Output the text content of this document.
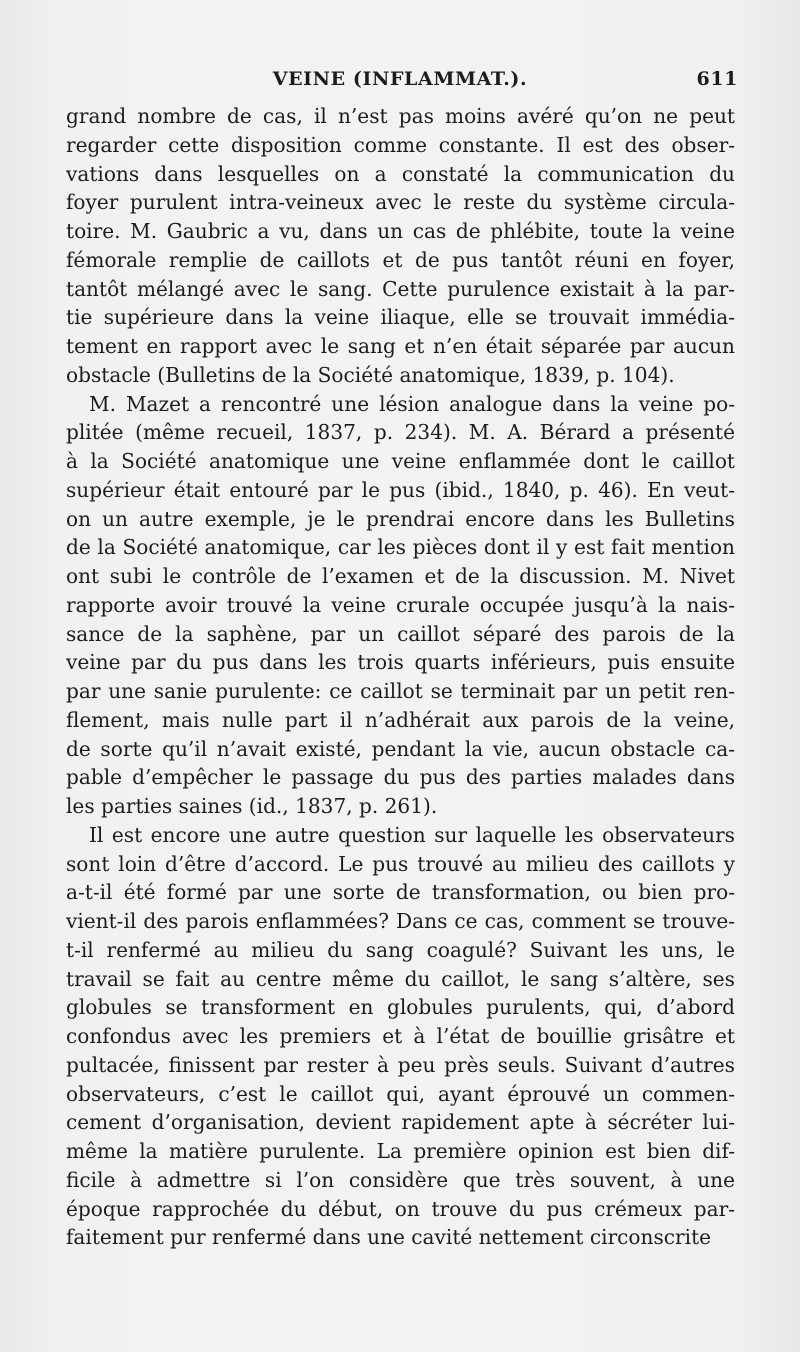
VEINE (INFLAMMAT.).	611
grand nombre de cas, il n’est pas moins avéré qu’on ne peut
regarder cette disposition comme constante. Il est des obser-
vations dans lesquelles on a constaté la communication du
foyer purulent intra-veineux avec le reste du système circula-
toire. M. Gaubric a vu, dans un cas de phlébite, toute la veine
fémorale remplie de caillots et de pus tantôt réuni en foyer,
tantôt mélangé avec le sang. Cette purulence existait à la par-
tie supérieure dans la veine iliaque, elle se trouvait immédia-
tement en rapport avec le sang et n’en était séparée par aucun
obstacle (Bulletins de la Société anatomique, 1839, p. 104).
M. Mazet a rencontré une lésion analogue dans la veine po-
plitée (même recueil, 1837, p. 234). M. A. Bérard a présenté
à la Société anatomique une veine enflammée dont le caillot
supérieur était entouré par le pus (ibid., 1840, p. 46). En veut-
on un autre exemple, je le prendrai encore dans les Bulletins
de la Société anatomique, car les pièces dont il y est fait mention
ont subi le contrôle de l’examen et de la discussion. M. Nivet
rapporte avoir trouvé la veine crurale occupée jusqu’à la nais-
sance de la saphène, par un caillot séparé des parois de la
veine par du pus dans les trois quarts inférieurs, puis ensuite
par une sanie purulente: ce caillot se terminait par un petit ren-
flement, mais nulle part il n’adhérait aux parois de la veine,
de sorte qu’il n’avait existé, pendant la vie, aucun obstacle ca-
pable d’empêcher le passage du pus des parties malades dans
les parties saines (id., 1837, p. 261).
Il est encore une autre question sur laquelle les observateurs
sont loin d’être d’accord. Le pus trouvé au milieu des caillots y
a-t-il été formé par une sorte de transformation, ou bien pro-
vient-il des parois enflammées? Dans ce cas, comment se trouve-
t-il renfermé au milieu du sang coagulé? Suivant les uns, le
travail se fait au centre même du caillot, le sang s’altère, ses
globules se transforment en globules purulents, qui, d’abord
confondus avec les premiers et à l’état de bouillie grisâtre et
pultacée, finissent par rester à peu près seuls. Suivant d’autres
observateurs, c’est le caillot qui, ayant éprouvé un commen-
cement d’organisation, devient rapidement apte à sécréter lui-
même la matière purulente. La première opinion est bien dif-
ficile à admettre si l’on considère que très souvent, à une
époque rapprochée du début, on trouve du pus crémeux par-
faitement pur renfermé dans une cavité nettement circonscrite
